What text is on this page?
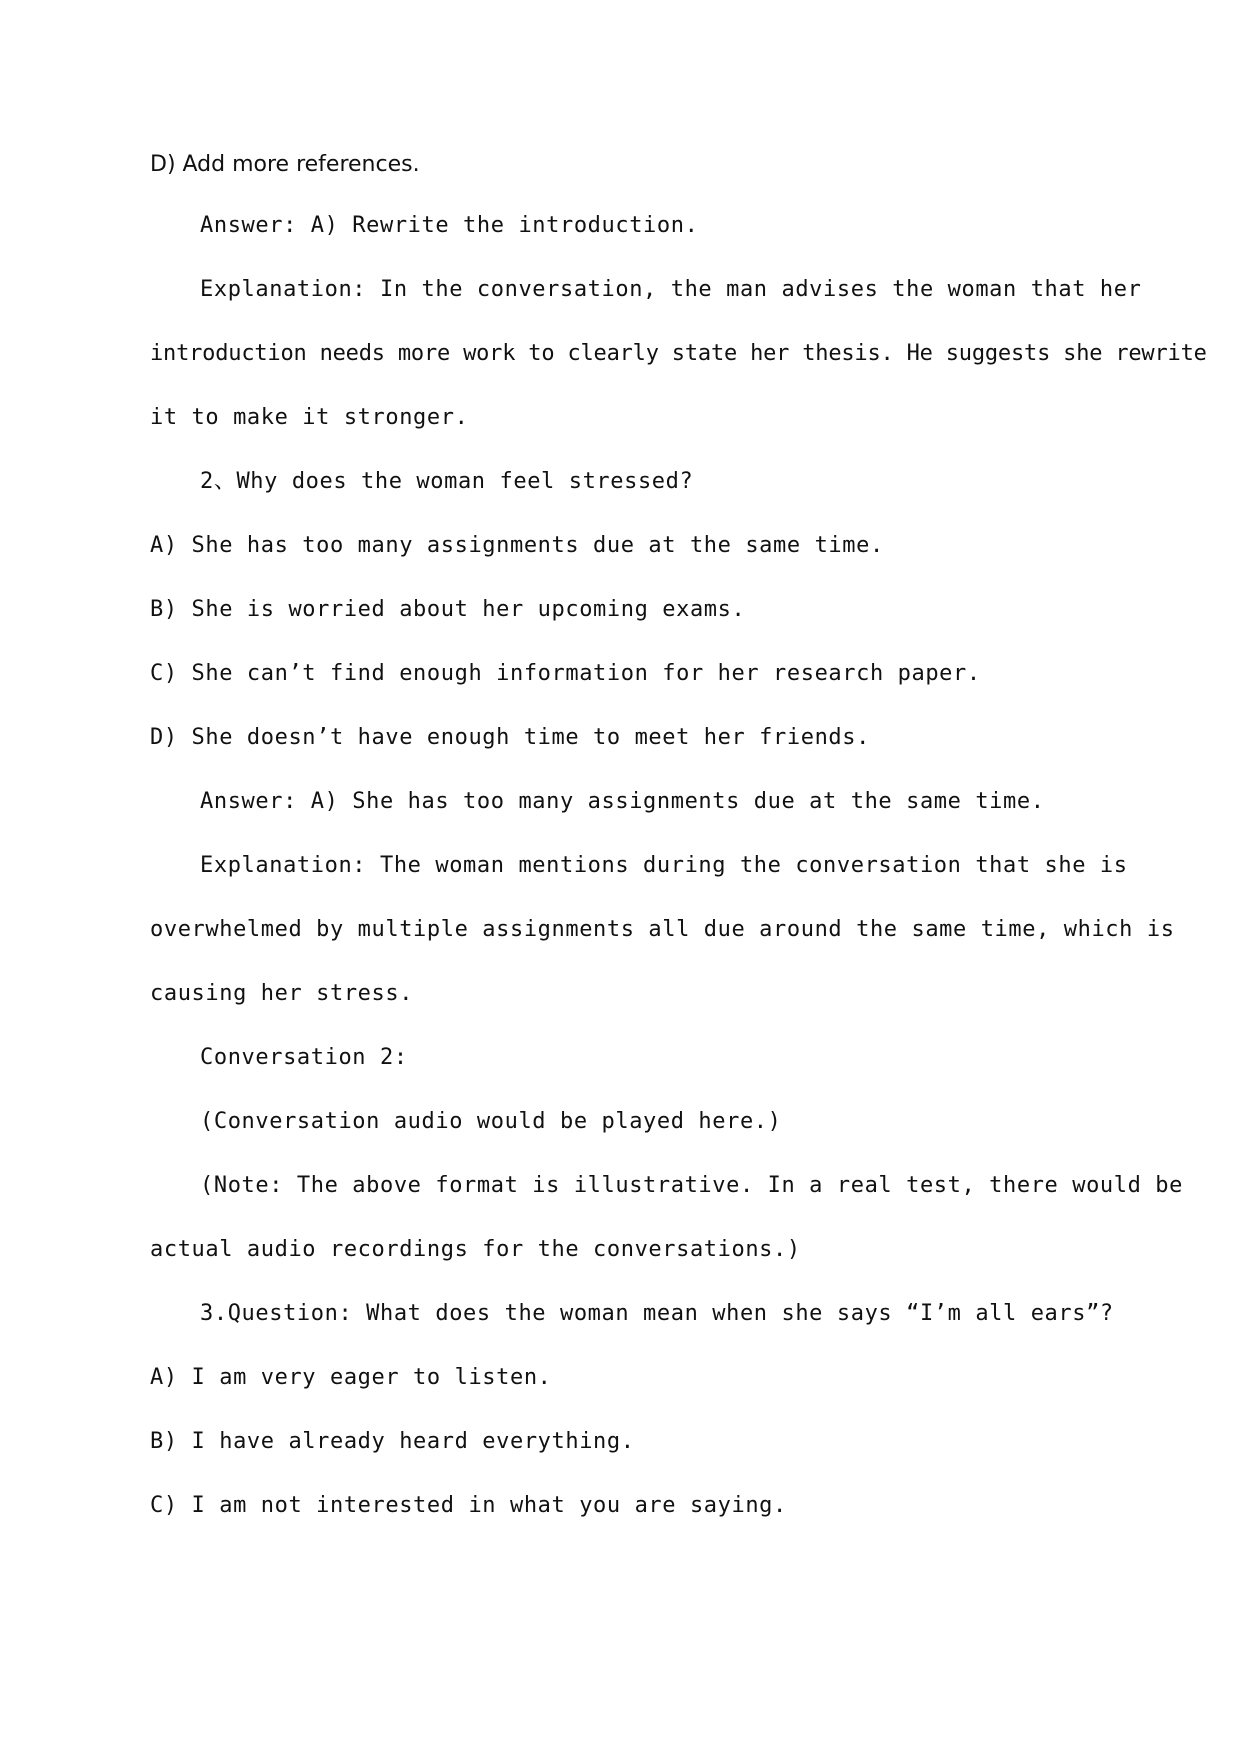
D) Add more references.
Answer: A) Rewrite the introduction.
Explanation: In the conversation, the man advises the woman that her
introduction needs more work to clearly state her thesis. He suggests she rewrite
it to make it stronger.
2、Why does the woman feel stressed?
A) She has too many assignments due at the same time.
B) She is worried about her upcoming exams.
C) She can’t find enough information for her research paper.
D) She doesn’t have enough time to meet her friends.
Answer: A) She has too many assignments due at the same time.
Explanation: The woman mentions during the conversation that she is
overwhelmed by multiple assignments all due around the same time, which is
causing her stress.
Conversation 2:
(Conversation audio would be played here.)
(Note: The above format is illustrative. In a real test, there would be
actual audio recordings for the conversations.)
3.Question: What does the woman mean when she says “I’m all ears”?
A) I am very eager to listen.
B) I have already heard everything.
C) I am not interested in what you are saying.
